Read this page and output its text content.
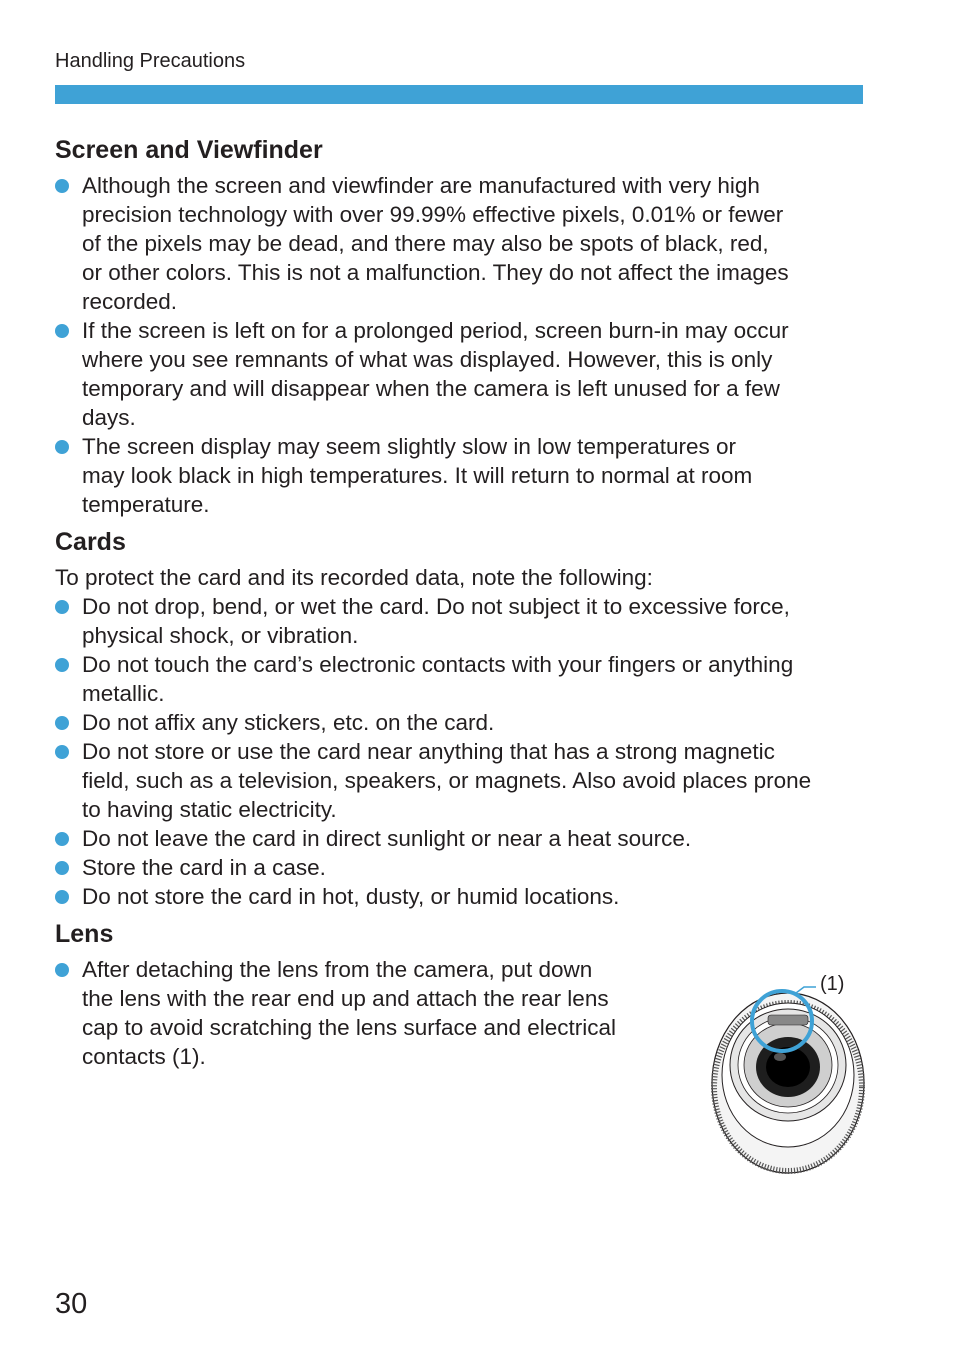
Handling Precautions
Screen and Viewfinder
Although the screen and viewfinder are manufactured with very high
precision technology with over 99.99% effective pixels, 0.01% or fewer
of the pixels may be dead, and there may also be spots of black, red,
or other colors. This is not a malfunction. They do not affect the images
recorded.
If the screen is left on for a prolonged period, screen burn-in may occur
where you see remnants of what was displayed. However, this is only
temporary and will disappear when the camera is left unused for a few
days.
The screen display may seem slightly slow in low temperatures or
may look black in high temperatures. It will return to normal at room
temperature.
Cards

To protect the card and its recorded data, note the following:

Do not drop, bend, or wet the card. Do not subject it to excessive force,
physical shock, or vibration.
Do not touch the card’s electronic contacts with your fingers or anything
metallic.
Do not affix any stickers, etc. on the card.
Do not store or use the card near anything that has a strong magnetic
field, such as a television, speakers, or magnets. Also avoid places prone
to having static electricity.
Do not leave the card in direct sunlight or near a heat source.
Store the card in a case.
Do not store the card in hot, dusty, or humid locations.
Lens
After detaching the lens from the camera, put down
the lens with the rear end up and attach the rear lens
cap to avoid scratching the lens surface and electrical
contacts (1).
(1)
30
